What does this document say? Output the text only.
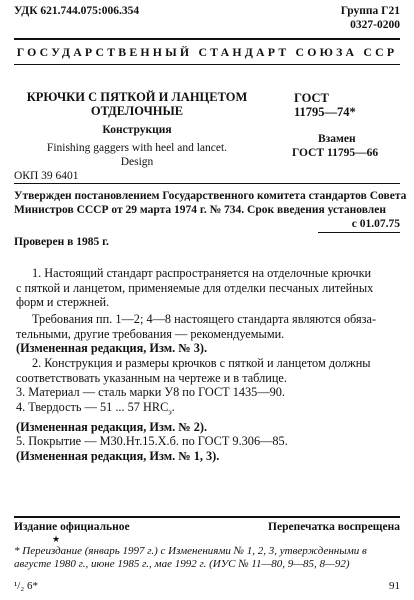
УДК 621.744.075:006.354	Группа Г21
0327-0200
ГОСУДАРСТВЕННЫЙ СТАНДАРТ СОЮЗА ССР
КРЮЧКИ С ПЯТКОЙ И ЛАНЦЕТОМ
ОТДЕЛОЧНЫЕ
Конструкция
Finishing gaggers with heel and lancet.
Design
ГОСТ
11795—74*
Взамен
ГОСТ 11795—66
ОКП 39 6401
Утвержден постановлением Государственного комитета стандартов Совета
Министров СССР от 29 марта 1974 г. № 734. Срок введения установлен
с 01.07.75
Проверен в 1985 г.
1. Настоящий стандарт распространяется на отделочные крючки
с пяткой и ланцетом, применяемые для отделки песчаных литейных
форм и стержней.
Требования пп. 1—2; 4—8 настоящего стандарта являются обяза-
тельными, другие требования — рекомендуемыми.
(Измененная редакция, Изм. № 3).
2. Конструкция и размеры крючков с пяткой и ланцетом должны
соответствовать указанным на чертеже и в таблице.
3. Материал — сталь марки У8 по ГОСТ 1435—90.
4. Твердость — 51 ... 57 $HRC_э$.
(Измененная редакция, Изм. № 2).
5. Покрытие — М30.Нт.15.Х.б. по ГОСТ 9.306—85.
(Измененная редакция, Изм. № 1, 3).
Издание официальное
★
Перепечатка воспрещена
* Переиздание (январь 1997 г.) с Изменениями № 1, 2, 3, утвержденными в
августе 1980 г., июне 1985 г., мае 1992 г. (ИУС № 11—80, 9—85, 8—92)
¹/₂ 6*	91
